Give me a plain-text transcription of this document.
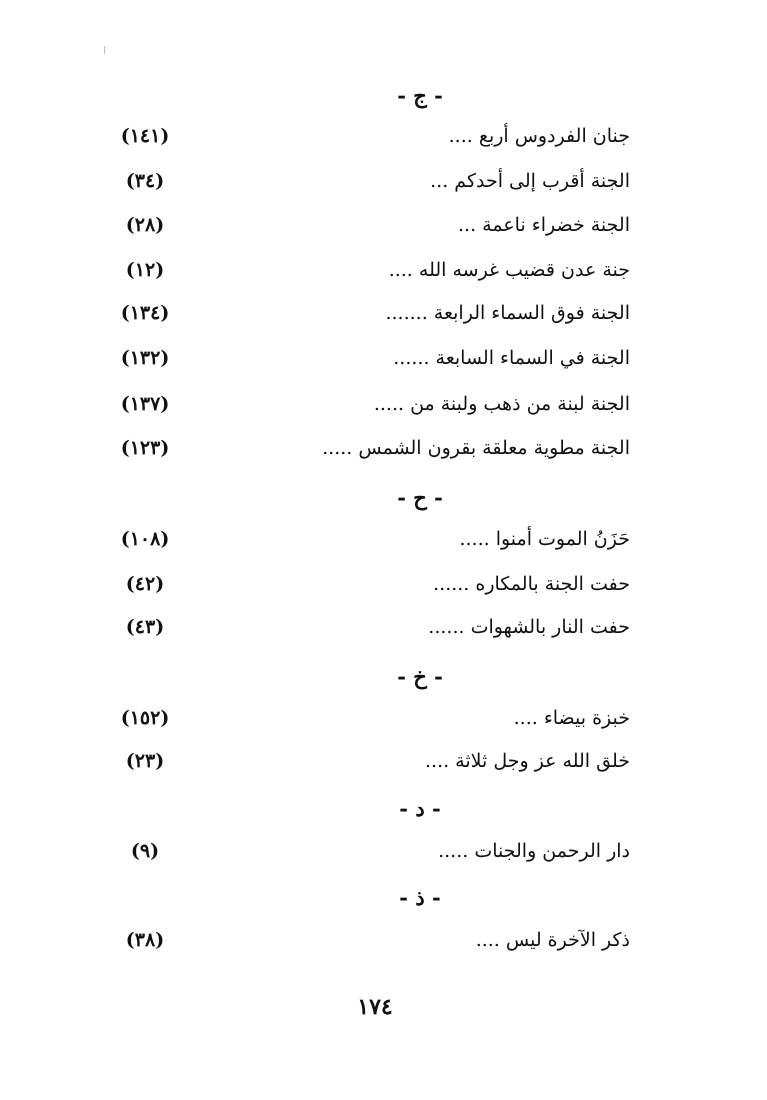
- ج -
جنان الفردوس أربع ....
(١٤١)
الجنة أقرب إلى أحدكم ...
(٣٤)
الجنة خضراء ناعمة ...
(٢٨)
جنة عدن قضيب غرسه الله ....
(١٢)
الجنة فوق السماء الرابعة .......
(١٣٤)
الجنة في السماء السابعة ......
(١٣٢)
الجنة لبنة من ذهب ولبنة من .....
(١٣٧)
الجنة مطوية معلقة بقرون الشمس .....
(١٢٣)
- ح -
حَزَنُ الموت أمنوا .....
(١٠٨)
حفت الجنة بالمكاره ......
(٤٢)
حفت النار بالشهوات ......
(٤٣)
- خ -
خبزة بيضاء ....
(١٥٢)
خلق الله عز وجل ثلاثة ....
(٢٣)
- د -
دار الرحمن والجنات .....
(٩)
- ذ -
ذكر الآخرة ليس ....
(٣٨)
١٧٤
